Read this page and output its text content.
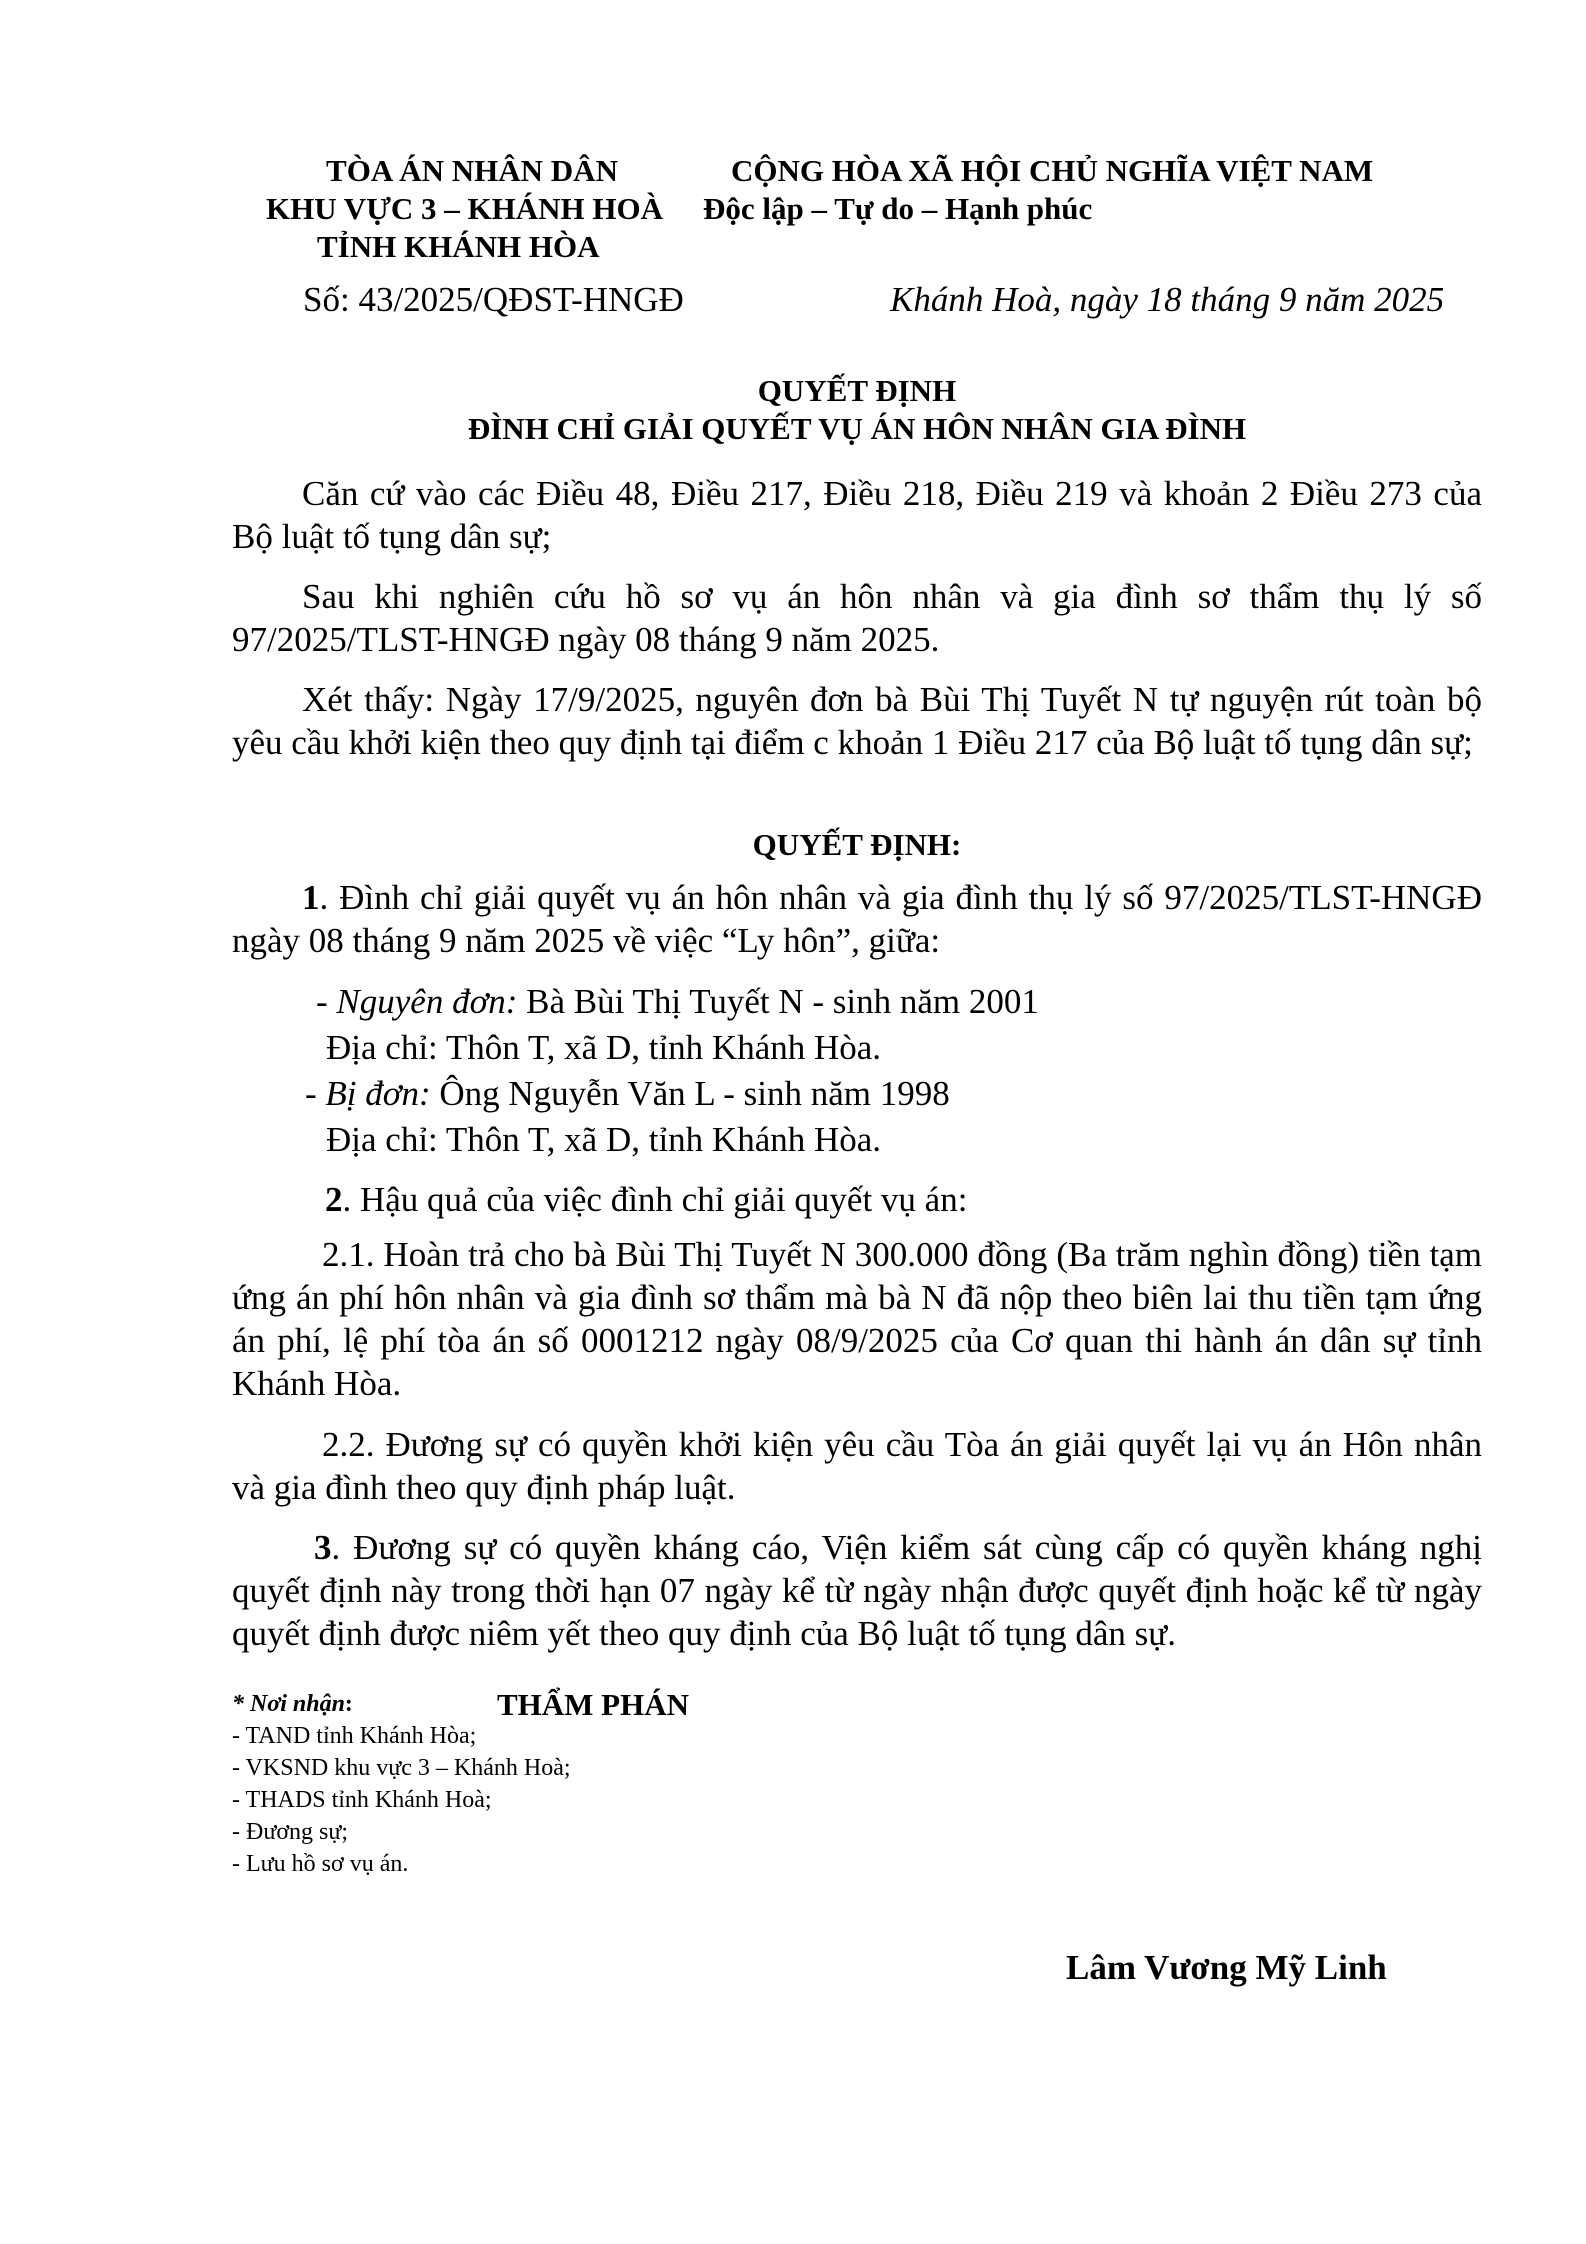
TÒA ÁN NHÂN DÂN
KHU VỰC 3 – KHÁNH HOÀ
TỈNH KHÁNH HÒA
CỘNG HÒA XÃ HỘI CHỦ NGHĨA VIỆT NAM
Độc lập – Tự do – Hạnh phúc
Số: 43/2025/QĐST-HNGĐ	Khánh Hoà, ngày 18 tháng 9 năm 2025
QUYẾT ĐỊNH
ĐÌNH CHỈ GIẢI QUYẾT VỤ ÁN HÔN NHÂN GIA ĐÌNH
Căn cứ vào các Điều 48, Điều 217, Điều 218, Điều 219 và khoản 2 Điều 273 của Bộ luật tố tụng dân sự;
Sau khi nghiên cứu hồ sơ vụ án hôn nhân và gia đình sơ thẩm thụ lý số 97/2025/TLST-HNGĐ ngày 08 tháng 9 năm 2025.
Xét thấy: Ngày 17/9/2025, nguyên đơn bà Bùi Thị Tuyết N tự nguyện rút toàn bộ yêu cầu khởi kiện theo quy định tại điểm c khoản 1 Điều 217 của Bộ luật tố tụng dân sự;
QUYẾT ĐỊNH:
1. Đình chỉ giải quyết vụ án hôn nhân và gia đình thụ lý số 97/2025/TLST-HNGĐ ngày 08 tháng 9 năm 2025 về việc “Ly hôn”, giữa:
- Nguyên đơn: Bà Bùi Thị Tuyết N - sinh năm 2001
Địa chỉ: Thôn T, xã D, tỉnh Khánh Hòa.
- Bị đơn: Ông Nguyễn Văn L - sinh năm 1998
Địa chỉ: Thôn T, xã D, tỉnh Khánh Hòa.
2. Hậu quả của việc đình chỉ giải quyết vụ án:
2.1. Hoàn trả cho bà Bùi Thị Tuyết N 300.000 đồng (Ba trăm nghìn đồng) tiền tạm ứng án phí hôn nhân và gia đình sơ thẩm mà bà N đã nộp theo biên lai thu tiền tạm ứng án phí, lệ phí tòa án số 0001212 ngày 08/9/2025 của Cơ quan thi hành án dân sự tỉnh Khánh Hòa.
2.2. Đương sự có quyền khởi kiện yêu cầu Tòa án giải quyết lại vụ án Hôn nhân và gia đình theo quy định pháp luật.
3. Đương sự có quyền kháng cáo, Viện kiểm sát cùng cấp có quyền kháng nghị quyết định này trong thời hạn 07 ngày kể từ ngày nhận được quyết định hoặc kể từ ngày quyết định được niêm yết theo quy định của Bộ luật tố tụng dân sự.
* Nơi nhận:
- TAND tỉnh Khánh Hòa;
- VKSND khu vực 3 – Khánh Hoà;
- THADS tỉnh Khánh Hoà;
- Đương sự;
- Lưu hồ sơ vụ án.
THẨM PHÁN
Lâm Vương Mỹ Linh
